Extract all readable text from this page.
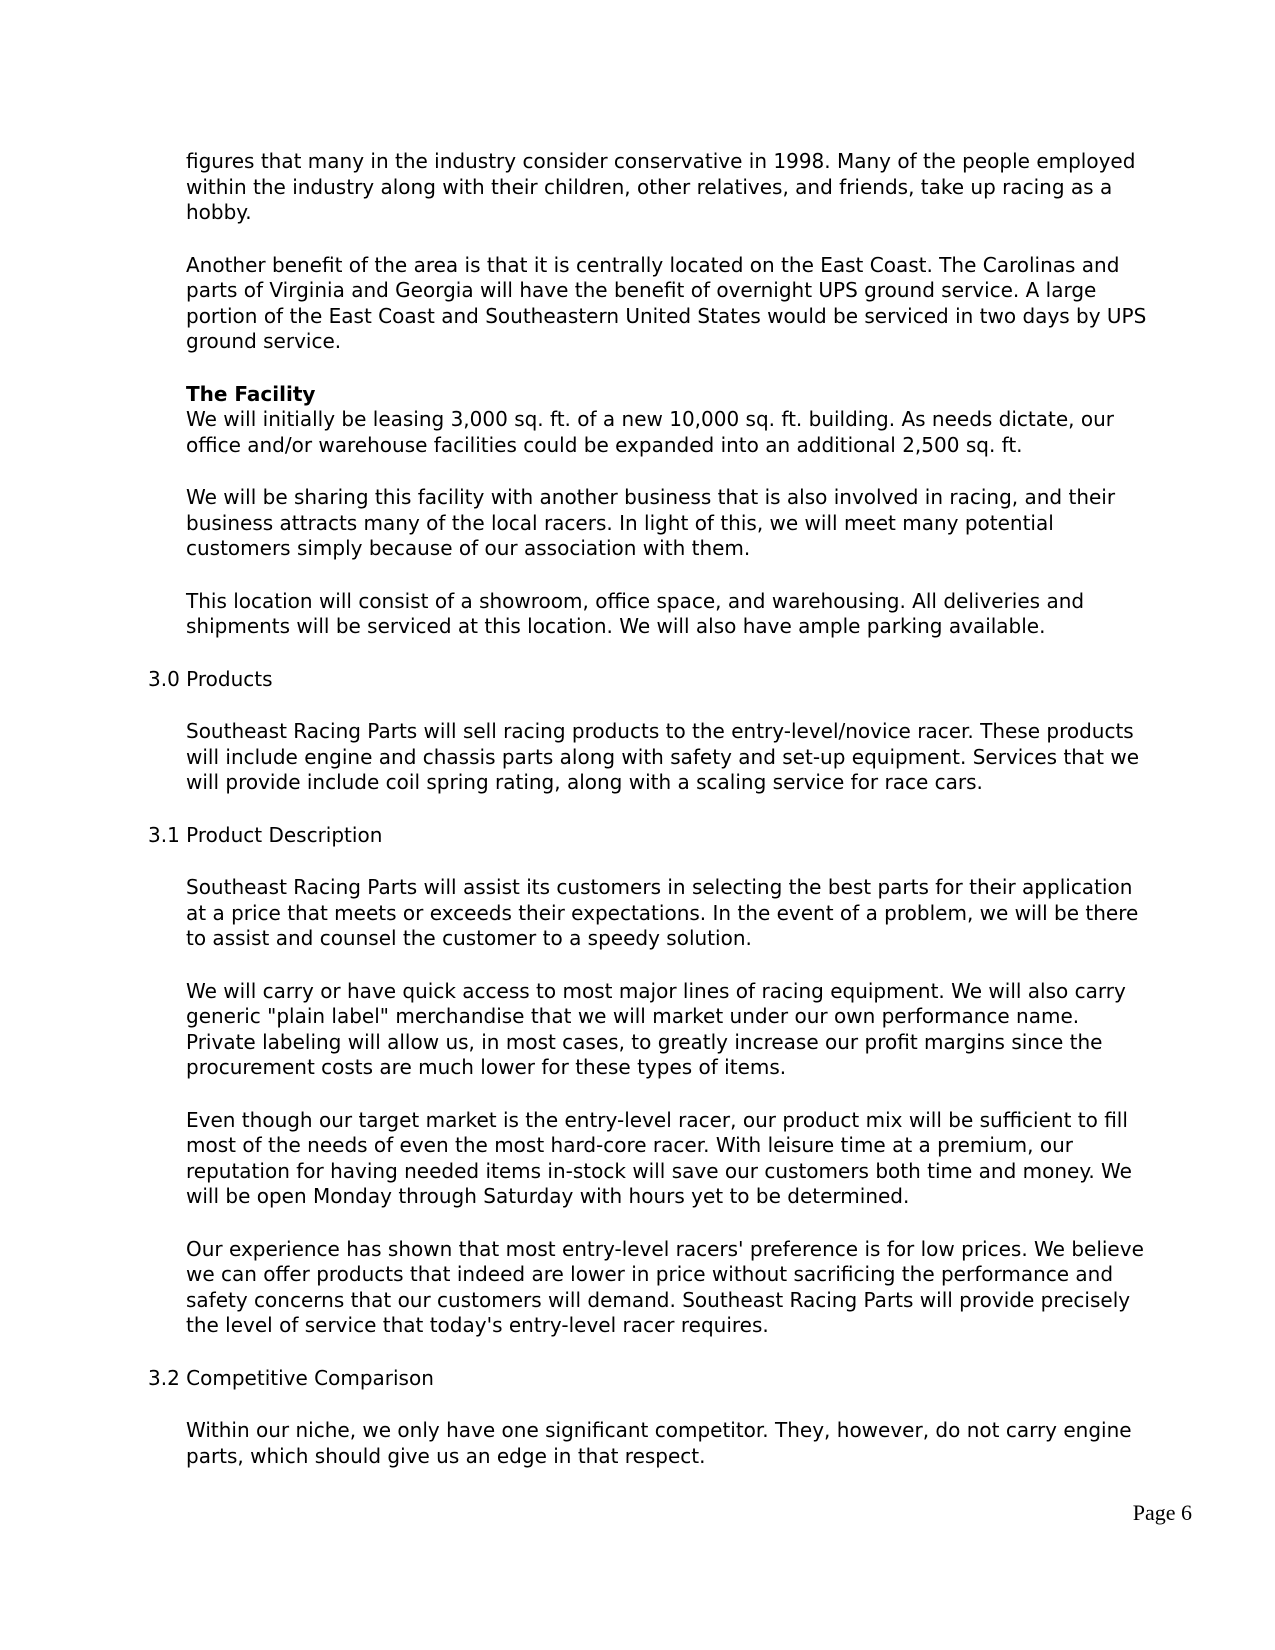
figures that many in the industry consider conservative in 1998. Many of the people employed
within the industry along with their children, other relatives, and friends, take up racing as a
hobby.

Another benefit of the area is that it is centrally located on the East Coast. The Carolinas and
parts of Virginia and Georgia will have the benefit of overnight UPS ground service. A large
portion of the East Coast and Southeastern United States would be serviced in two days by UPS
ground service.

The Facility

We will initially be leasing 3,000 sq. ft. of a new 10,000 sq. ft. building. As needs dictate, our
office and/or warehouse facilities could be expanded into an additional 2,500 sq. ft.

We will be sharing this facility with another business that is also involved in racing, and their
business attracts many of the local racers. In light of this, we will meet many potential
customers simply because of our association with them.

This location will consist of a showroom, office space, and warehousing. All deliveries and
shipments will be serviced at this location. We will also have ample parking available.

3.0 Products

Southeast Racing Parts will sell racing products to the entry-level/novice racer. These products
will include engine and chassis parts along with safety and set-up equipment. Services that we
will provide include coil spring rating, along with a scaling service for race cars.

3.1 Product Description

Southeast Racing Parts will assist its customers in selecting the best parts for their application
at a price that meets or exceeds their expectations. In the event of a problem, we will be there
to assist and counsel the customer to a speedy solution.

We will carry or have quick access to most major lines of racing equipment. We will also carry
generic "plain label" merchandise that we will market under our own performance name.
Private labeling will allow us, in most cases, to greatly increase our profit margins since the
procurement costs are much lower for these types of items.

Even though our target market is the entry-level racer, our product mix will be sufficient to fill
most of the needs of even the most hard-core racer. With leisure time at a premium, our
reputation for having needed items in-stock will save our customers both time and money. We
will be open Monday through Saturday with hours yet to be determined.

Our experience has shown that most entry-level racers' preference is for low prices. We believe
we can offer products that indeed are lower in price without sacrificing the performance and
safety concerns that our customers will demand. Southeast Racing Parts will provide precisely
the level of service that today's entry-level racer requires.

3.2 Competitive Comparison

Within our niche, we only have one significant competitor. They, however, do not carry engine
parts, which should give us an edge in that respect.

Page 6
